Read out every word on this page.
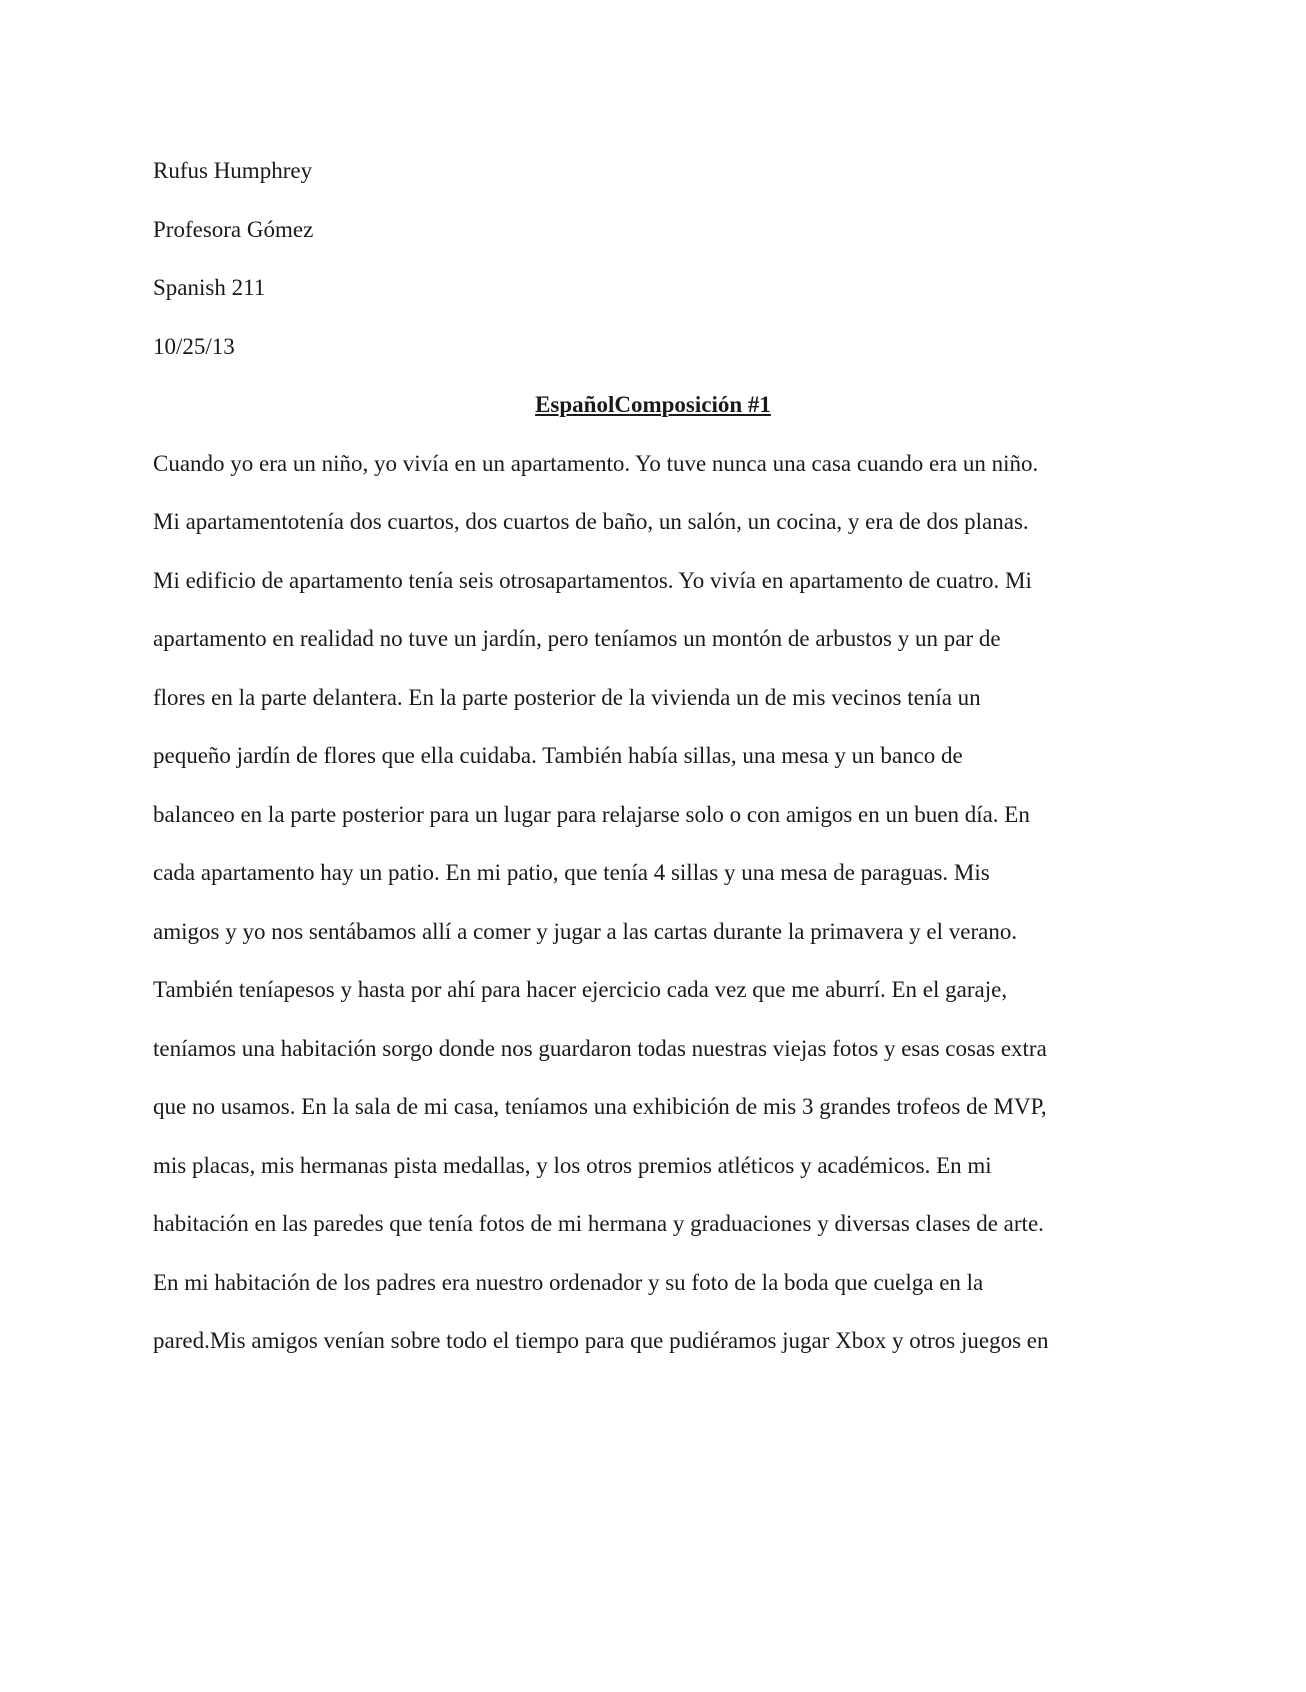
Rufus Humphrey

Profesora Gómez

Spanish 211

10/25/13

EspañolComposición #1

Cuando yo era un niño, yo vivía en un apartamento. Yo tuve nunca una casa cuando era un niño.

Mi apartamentotenía dos cuartos, dos cuartos de baño, un salón, un cocina, y era de dos planas.

Mi edificio de apartamento tenía seis otrosapartamentos. Yo vivía en apartamento de cuatro. Mi

apartamento en realidad no tuve un jardín, pero teníamos un montón de arbustos y un par de

flores en la parte delantera. En la parte posterior de la vivienda un de mis vecinos tenía un

pequeño jardín de flores que ella cuidaba. También había sillas, una mesa y un banco de

balanceo en la parte posterior para un lugar para relajarse solo o con amigos en un buen día. En

cada apartamento hay un patio. En mi patio, que tenía 4 sillas y una mesa de paraguas. Mis

amigos y yo nos sentábamos allí a comer y jugar a las cartas durante la primavera y el verano.

También teníapesos y hasta por ahí para hacer ejercicio cada vez que me aburrí. En el garaje,

teníamos una habitación sorgo donde nos guardaron todas nuestras viejas fotos y esas cosas extra

que no usamos. En la sala de mi casa, teníamos una exhibición de mis 3 grandes trofeos de MVP,

mis placas, mis hermanas pista medallas, y los otros premios atléticos y académicos. En mi

habitación en las paredes que tenía fotos de mi hermana y graduaciones y diversas clases de arte.

En mi habitación de los padres era nuestro ordenador y su foto de la boda que cuelga en la

pared.Mis amigos venían sobre todo el tiempo para que pudiéramos jugar Xbox y otros juegos en
